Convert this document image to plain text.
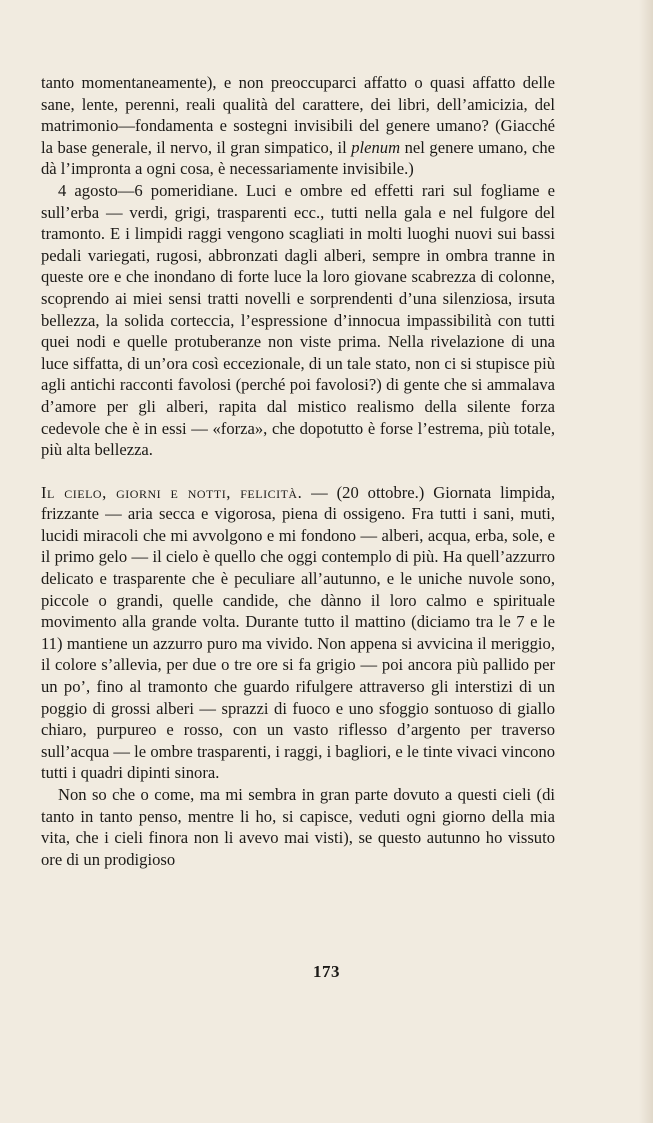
tanto momentaneamente), e non preoccuparci affatto o quasi affatto delle sane, lente, perenni, reali qualità del carattere, dei libri, dell’amicizia, del matrimonio—fondamenta e sostegni invisibili del genere umano? (Giacché la base generale, il nervo, il gran simpatico, il plenum nel genere umano, che dà l’impronta a ogni cosa, è necessariamente invisibile.)

4 agosto—6 pomeridiane. Luci e ombre ed effetti rari sul fogliame e sull’erba — verdi, grigi, trasparenti ecc., tutti nella gala e nel fulgore del tramonto. E i limpidi raggi vengono scagliati in molti luoghi nuovi sui bassi pedali variegati, rugosi, abbronzati dagli alberi, sempre in ombra tranne in queste ore e che inondano di forte luce la loro giovane scabrezza di colonne, scoprendo ai miei sensi tratti novelli e sorprendenti d’una silenziosa, irsuta bellezza, la solida corteccia, l’espressione d’innocua impassibilità con tutti quei nodi e quelle protuberanze non viste prima. Nella rivelazione di una luce siffatta, di un’ora così eccezionale, di un tale stato, non ci si stupisce più agli antichi racconti favolosi (perché poi favolosi?) di gente che si ammalava d’amore per gli alberi, rapita dal mistico realismo della silente forza cedevole che è in essi — «forza», che dopotutto è forse l’estrema, più totale, più alta bellezza.

Il cielo, giorni e notti, felicità. — (20 ottobre.) Giornata limpida, frizzante — aria secca e vigorosa, piena di ossigeno. Fra tutti i sani, muti, lucidi miracoli che mi avvolgono e mi fondono — alberi, acqua, erba, sole, e il primo gelo — il cielo è quello che oggi contemplo di più. Ha quell’azzurro delicato e trasparente che è peculiare all’autunno, e le uniche nuvole sono, piccole o grandi, quelle candide, che dànno il loro calmo e spirituale movimento alla grande volta. Durante tutto il mattino (diciamo tra le 7 e le 11) mantiene un azzurro puro ma vivido. Non appena si avvicina il meriggio, il colore s’allevia, per due o tre ore si fa grigio — poi ancora più pallido per un po’, fino al tramonto che guardo rifulgere attraverso gli interstizi di un poggio di grossi alberi — sprazzi di fuoco e uno sfoggio sontuoso di giallo chiaro, purpureo e rosso, con un vasto riflesso d’argento per traverso sull’acqua — le ombre trasparenti, i raggi, i bagliori, e le tinte vivaci vincono tutti i quadri dipinti sinora.

Non so che o come, ma mi sembra in gran parte dovuto a questi cieli (di tanto in tanto penso, mentre li ho, si capisce, veduti ogni giorno della mia vita, che i cieli finora non li avevo mai visti), se questo autunno ho vissuto ore di un prodigioso

173
